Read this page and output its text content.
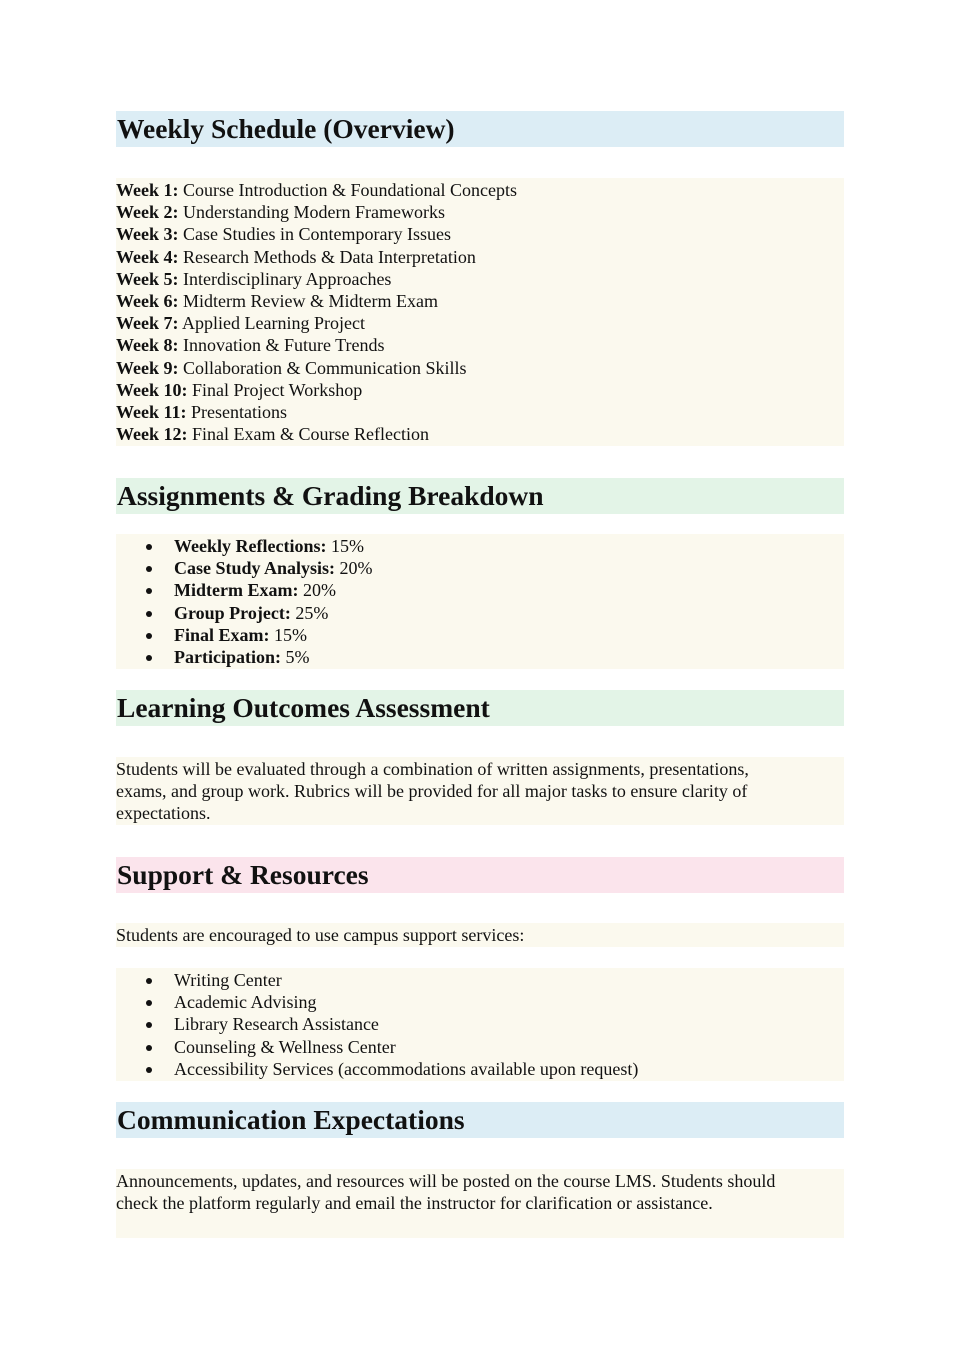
Weekly Schedule (Overview)
Week 1: Course Introduction & Foundational Concepts
Week 2: Understanding Modern Frameworks
Week 3: Case Studies in Contemporary Issues
Week 4: Research Methods & Data Interpretation
Week 5: Interdisciplinary Approaches
Week 6: Midterm Review & Midterm Exam
Week 7: Applied Learning Project
Week 8: Innovation & Future Trends
Week 9: Collaboration & Communication Skills
Week 10: Final Project Workshop
Week 11: Presentations
Week 12: Final Exam & Course Reflection
Assignments & Grading Breakdown
Weekly Reflections: 15%
Case Study Analysis: 20%
Midterm Exam: 20%
Group Project: 25%
Final Exam: 15%
Participation: 5%
Learning Outcomes Assessment
Students will be evaluated through a combination of written assignments, presentations,
exams, and group work. Rubrics will be provided for all major tasks to ensure clarity of
expectations.
Support & Resources
Students are encouraged to use campus support services:
Writing Center
Academic Advising
Library Research Assistance
Counseling & Wellness Center
Accessibility Services (accommodations available upon request)
Communication Expectations
Announcements, updates, and resources will be posted on the course LMS. Students should
check the platform regularly and email the instructor for clarification or assistance.
